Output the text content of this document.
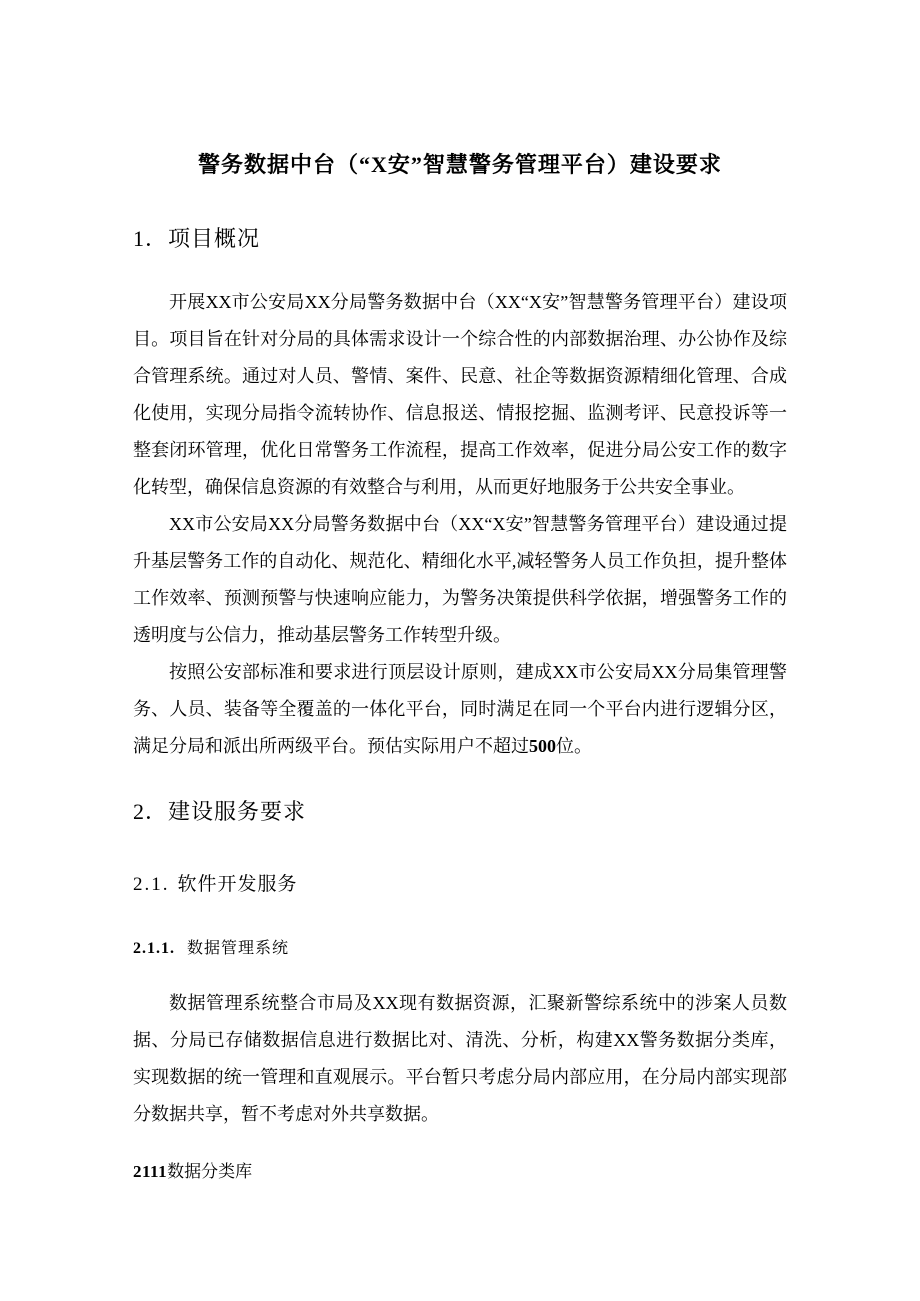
警务数据中台（“X安”智慧警务管理平台）建设要求
1．项目概况

开展XX市公安局XX分局警务数据中台（XX“X安”智慧警务管理平台）建设项目。项目旨在针对分局的具体需求设计一个综合性的内部数据治理、办公协作及综合管理系统。通过对人员、警情、案件、民意、社企等数据资源精细化管理、合成化使用，实现分局指令流转协作、信息报送、情报挖掘、监测考评、民意投诉等一整套闭环管理，优化日常警务工作流程，提高工作效率，促进分局公安工作的数字化转型，确保信息资源的有效整合与利用，从而更好地服务于公共安全事业。

XX市公安局XX分局警务数据中台（XX“X安”智慧警务管理平台）建设通过提升基层警务工作的自动化、规范化、精细化水平,减轻警务人员工作负担，提升整体工作效率、预测预警与快速响应能力，为警务决策提供科学依据，增强警务工作的透明度与公信力，推动基层警务工作转型升级。

按照公安部标准和要求进行顶层设计原则，建成XX市公安局XX分局集管理警务、人员、装备等全覆盖的一体化平台，同时满足在同一个平台内进行逻辑分区，满足分局和派出所两级平台。预估实际用户不超过500位。

2．建设服务要求
2.1. 软件开发服务
2.1.1. 数据管理系统

数据管理系统整合市局及XX现有数据资源，汇聚新警综系统中的涉案人员数据、分局已存储数据信息进行数据比对、清洗、分析，构建XX警务数据分类库，实现数据的统一管理和直观展示。平台暂只考虑分局内部应用，在分局内部实现部分数据共享，暂不考虑对外共享数据。

2111数据分类库
